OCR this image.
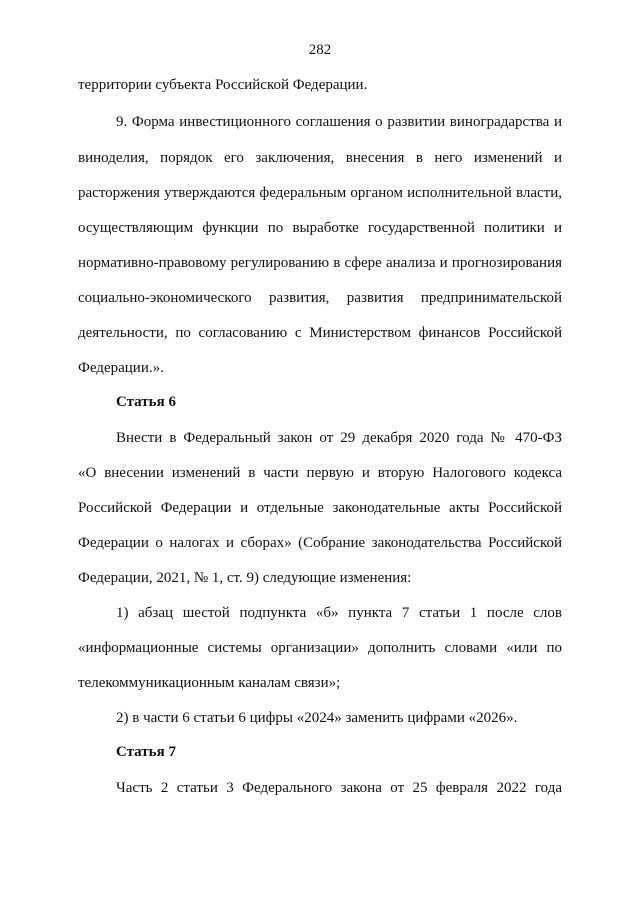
282
территории субъекта Российской Федерации.
9. Форма инвестиционного соглашения о развитии виноградарства и
виноделия, порядок его заключения, внесения в него изменений и
расторжения утверждаются федеральным органом исполнительной власти,
осуществляющим функции по выработке государственной политики и
нормативно-правовому регулированию в сфере анализа и прогнозирования
социально-экономического развития, развития предпринимательской
деятельности, по согласованию с Министерством финансов Российской
Федерации.».
Статья 6
Внести в Федеральный закон от 29 декабря 2020 года № 470-ФЗ
«О внесении изменений в части первую и вторую Налогового кодекса
Российской Федерации и отдельные законодательные акты Российской
Федерации о налогах и сборах» (Собрание законодательства Российской
Федерации, 2021, № 1, ст. 9) следующие изменения:
1) абзац шестой подпункта «б» пункта 7 статьи 1 после слов
«информационные системы организации» дополнить словами «или по
телекоммуникационным каналам связи»;
2) в части 6 статьи 6 цифры «2024» заменить цифрами «2026».
Статья 7
Часть 2 статьи 3 Федерального закона от 25 февраля 2022 года
